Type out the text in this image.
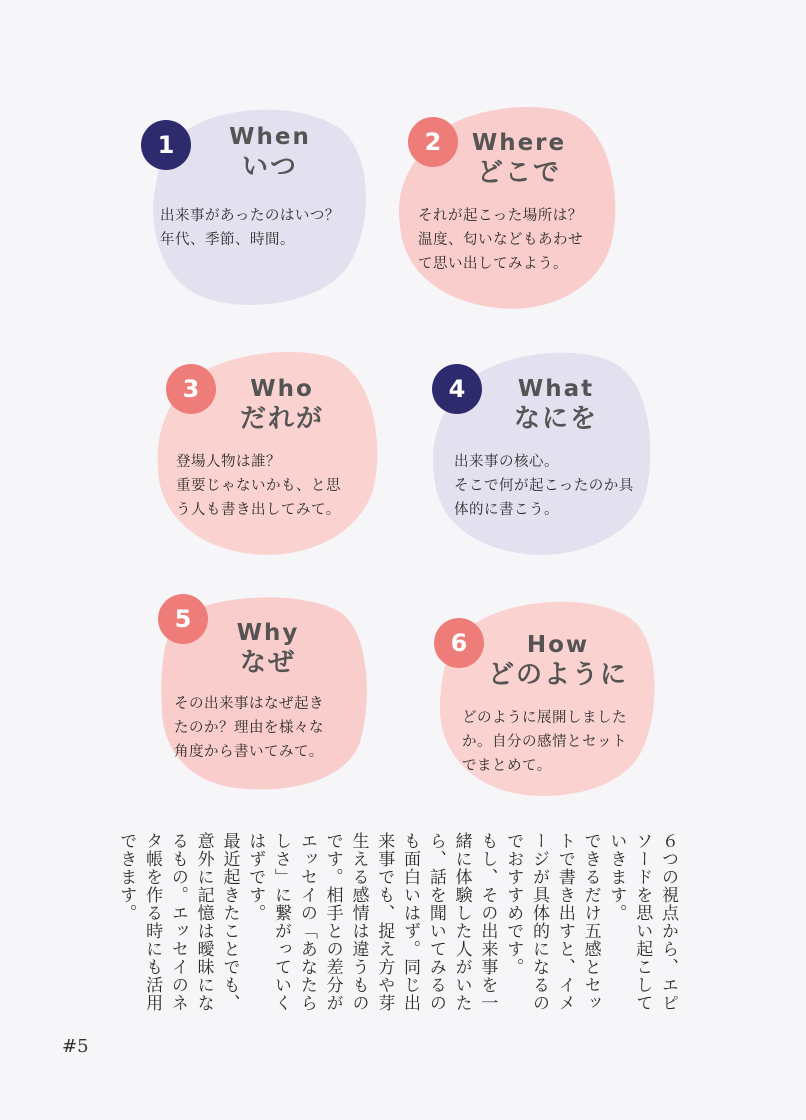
1	When
いつ
出来事があったのはいつ？
年代、季節、時間。
2	Where
どこで
それが起こった場所は？
温度、匂いなどもあわせ
て思い出してみよう。
3	Who
だれが
登場人物は誰？
重要じゃないかも、と思
う人も書き出してみて。
4	What
なにを
出来事の核心。
そこで何が起こったのか具
体的に書こう。
5	Why
なぜ
その出来事はなぜ起き
たのか？理由を様々な
角度から書いてみて。
6	How
どのように
どのように展開しました
か。自分の感情とセット
でまとめて。
６つの視点から、エピ
ソードを思い起こして
いきます。
できるだけ五感とセッ
トで書き出すと、イメ
ージが具体的になるの
でおすすめです。
もし、その出来事を一
緒に体験した人がいた
ら、話を聞いてみるの
も面白いはず。同じ出
来事でも、捉え方や芽
生える感情は違うもの
です。相手との差分が
エッセイの「あなたら
しさ」に繋がっていく
はずです。
最近起きたことでも、
意外に記憶は曖昧にな
るもの。エッセイのネ
タ帳を作る時にも活用
できます。
#5
